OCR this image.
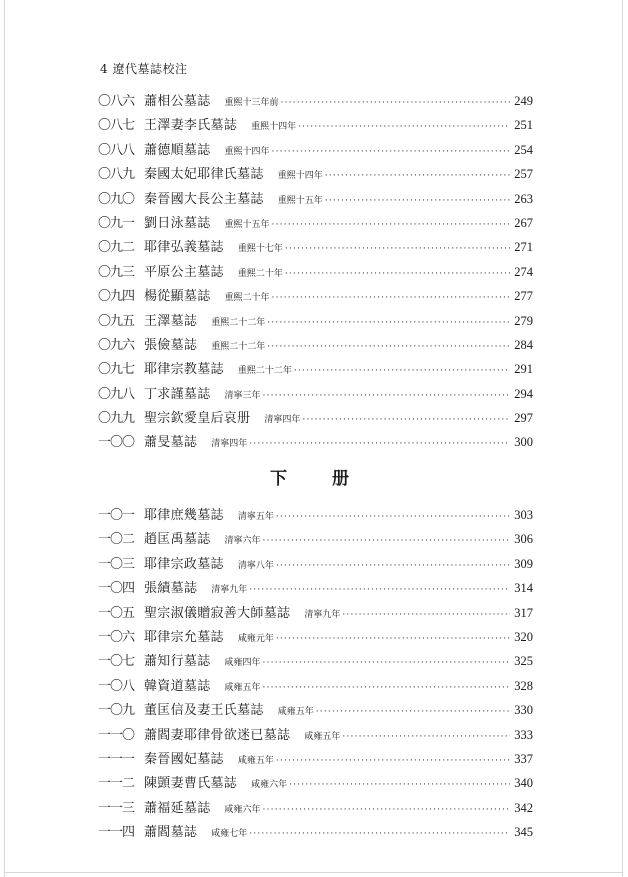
4 遼代墓誌校注
〇八六 蕭相公墓誌 重熙十三年前 ·····	249
〇八七 王澤妻李氏墓誌 重熙十四年 ·····	251
〇八八 蕭德順墓誌 重熙十四年 ·····	254
〇八九 秦國太妃耶律氏墓誌 重熙十四年 ·····	257
〇九〇 秦晉國大長公主墓誌 重熙十五年 ·····	263
〇九一 劉日泳墓誌 重熙十五年 ·····	267
〇九二 耶律弘義墓誌 重熙十七年 ·····	271
〇九三 平原公主墓誌 重熙二十年 ·····	274
〇九四 楊從顯墓誌 重熙二十年 ·····	277
〇九五 王澤墓誌 重熙二十二年 ·····	279
〇九六 張儉墓誌 重熙二十二年 ·····	284
〇九七 耶律宗教墓誌 重熙二十二年 ·····	291
〇九八 丁求謹墓誌 清寧三年 ·····	294
〇九九 聖宗欽愛皇后哀册 清寧四年 ·····	297
一〇〇 蕭旻墓誌 清寧四年 ·····	300
下　册
一〇一 耶律庶幾墓誌 清寧五年 ·····	303
一〇二 趙匡禹墓誌 清寧六年 ·····	306
一〇三 耶律宗政墓誌 清寧八年 ·····	309
一〇四 張績墓誌 清寧九年 ·····	314
一〇五 聖宗淑儀贈寂善大師墓誌 清寧九年 ·····	317
一〇六 耶律宗允墓誌 咸雍元年 ·····	320
一〇七 蕭知行墓誌 咸雍四年 ·····	325
一〇八 韓資道墓誌 咸雍五年 ·····	328
一〇九 董匡信及妻王氏墓誌 咸雍五年 ·····	330
一一〇 蕭閻妻耶律骨欲迷已墓誌 咸雍五年 ·····	333
一一一 秦晉國妃墓誌 咸雍五年 ·····	337
一一二 陳顗妻曹氏墓誌 咸雍六年 ·····	340
一一三 蕭福延墓誌 咸雍六年 ·····	342
一一四 蕭閻墓誌 咸雍七年 ·····	345
